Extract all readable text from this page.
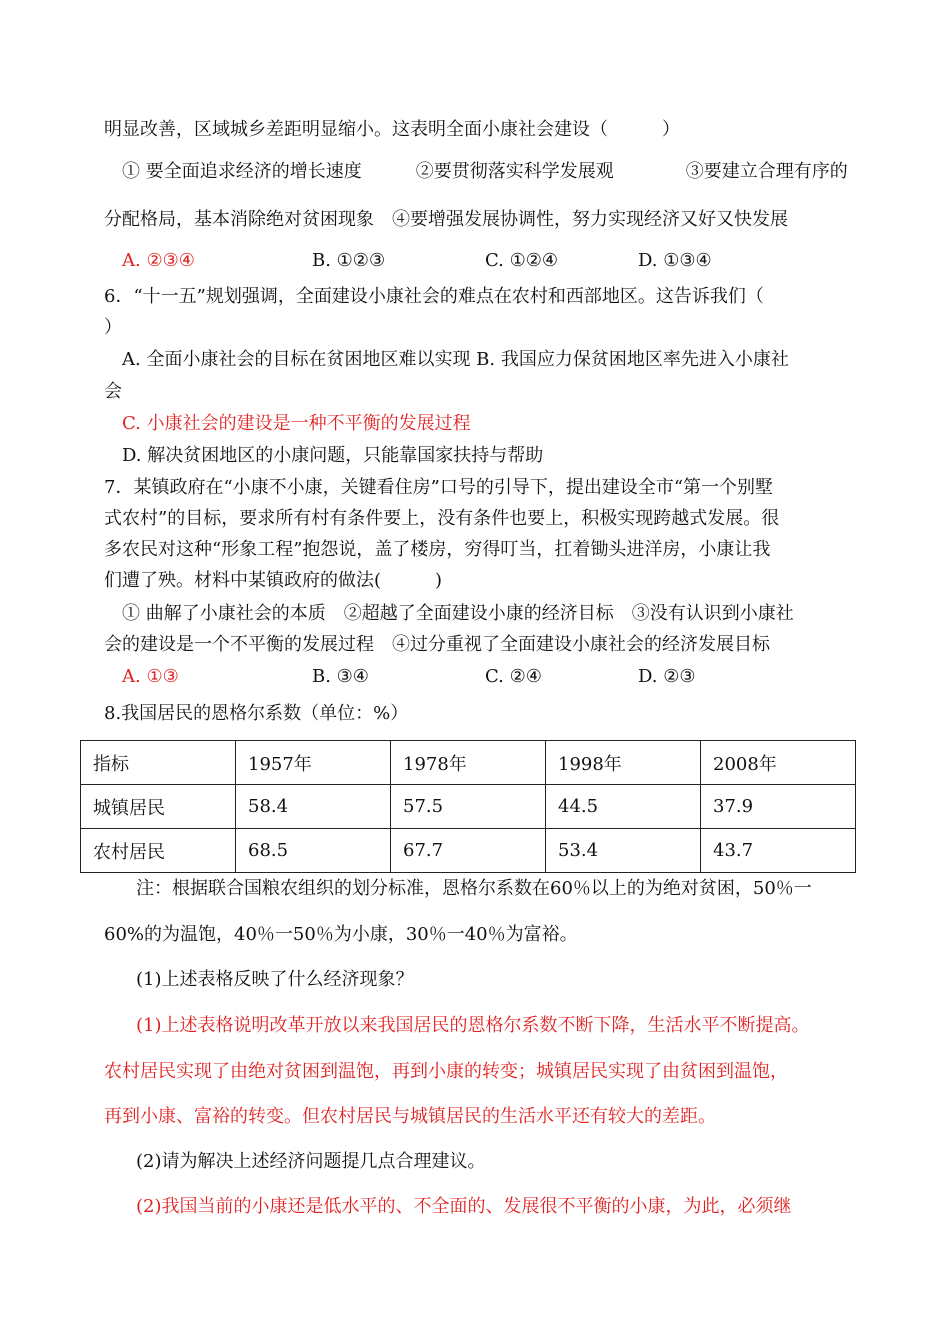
明显改善，区域城乡差距明显缩小。这表明全面小康社会建设（　　　）
① 要全面追求经济的增长速度　　　②要贯彻落实科学发展观　　　　③要建立合理有序的
分配格局，基本消除绝对贫困现象　④要增强发展协调性，努力实现经济又好又快发展
A. ②③④	B. ①②③	C. ①②④	D. ①③④
6．“十一五”规划强调，全面建设小康社会的难点在农村和西部地区。这告诉我们（
）
A. 全面小康社会的目标在贫困地区难以实现 B. 我国应力保贫困地区率先进入小康社
会
C. 小康社会的建设是一种不平衡的发展过程
D. 解决贫困地区的小康问题，只能靠国家扶持与帮助
7．某镇政府在“小康不小康，关键看住房”口号的引导下，提出建设全市“第一个别墅
式农村”的目标，要求所有村有条件要上，没有条件也要上，积极实现跨越式发展。很
多农民对这种“形象工程”抱怨说，盖了楼房，穷得叮当，扛着锄头进洋房，小康让我
们遭了殃。材料中某镇政府的做法(　　　)
① 曲解了小康社会的本质　②超越了全面建设小康的经济目标　③没有认识到小康社
会的建设是一个不平衡的发展过程　④过分重视了全面建设小康社会的经济发展目标
A. ①③	B. ③④	C. ②④	D. ②③
8.我国居民的恩格尔系数（单位：%）
指标	1957年	1978年	1998年	2008年
城镇居民	58.4	57.5	44.5	37.9
农村居民	68.5	67.7	53.4	43.7
注：根据联合国粮农组织的划分标准，恩格尔系数在60％以上的为绝对贫困，50％一
60%的为温饱，40％一50％为小康，30％一40％为富裕。
(1)上述表格反映了什么经济现象？
(1)上述表格说明改革开放以来我国居民的恩格尔系数不断下降，生活水平不断提高。
农村居民实现了由绝对贫困到温饱，再到小康的转变；城镇居民实现了由贫困到温饱，
再到小康、富裕的转变。但农村居民与城镇居民的生活水平还有较大的差距。
(2)请为解决上述经济问题提几点合理建议。
(2)我国当前的小康还是低水平的、不全面的、发展很不平衡的小康，为此，必须继
